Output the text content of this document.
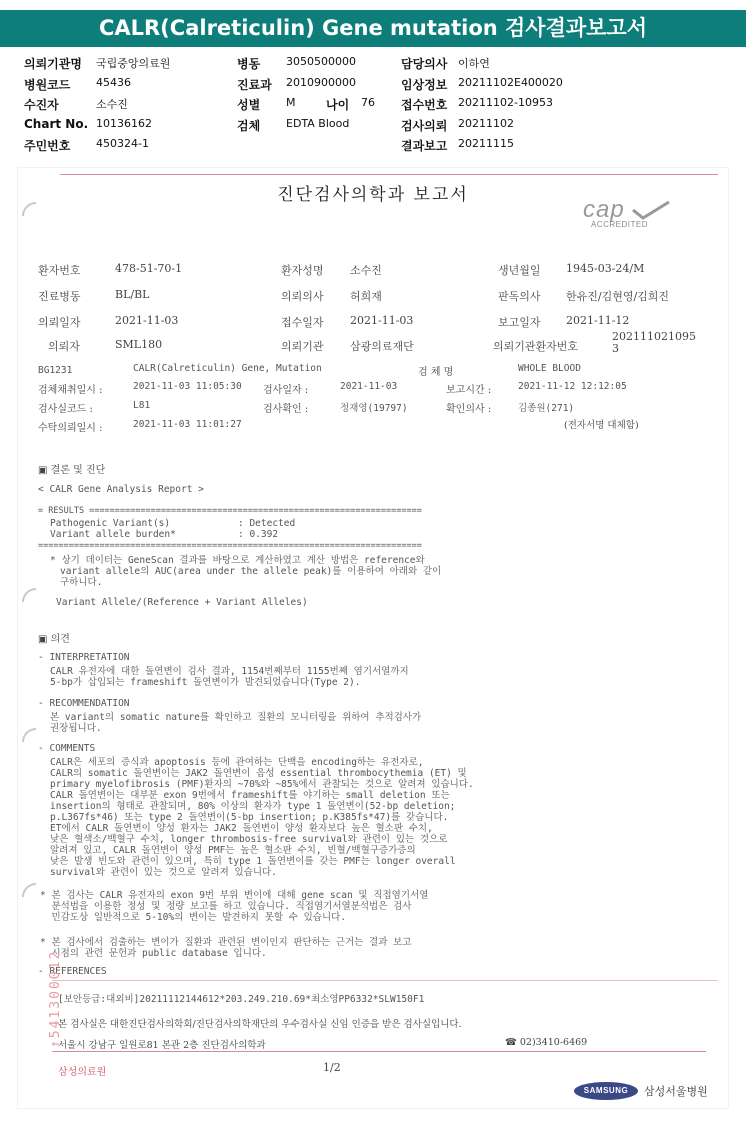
CALR(Calreticulin) Gene mutation 검사결과보고서
의뢰기관명 국립중앙의료원	병동 3050500000	담당의사 이하연
병원코드 45436	진료과 2010900000	임상정보 20211102E400020
수진자	소수진	성별 M	나이 76 접수번호 20211102-10953
Chart No. 10136162	검체 EDTA Blood	검사의뢰 20211102
주민번호 450324-1	결과보고 20211115
진단검사의학과 보고서
cap
ACCREDITED
환자번호	478-51-70-1	환자성명 소수진	생년월일 1945-03-24/M
진료병동	BL/BL	의뢰의사 허희재	판독의사 한유진/김현영/김희진
의뢰일자	2021-11-03	접수일자 2021-11-03	보고일자 2021-11-12
의뢰자	SML180	의뢰기관 삼광의료재단	의뢰기관환자번호
202111021095
3
BG1231	CALR(Calreticulin) Gene, Mutation	검 체 명	WHOLE BLOOD
검체채취일시 :	2021-11-03 11:05:30 검사일자 :	2021-11-03	보고시간 :	2021-11-12 12:12:05
검사실코드 :	L81	검사확인 :	정재영(19797)	확인의사 :	김종원(271)
수탁의뢰일시 :	2021-11-03 11:01:27	(전자서명 대체함)
▣ 결론 및 진단
< CALR Gene Analysis Report >
= RESULTS =================================================================
Pathogenic Variant(s)	: Detected
Variant allele burden*	: 0.392
===========================================================================
* 상기 데이터는 GeneScan 결과를 바탕으로 계산하였고 계산 방법은 reference와
variant allele의 AUC(area under the allele peak)를 이용하여 아래와 같이
구하니다.
Variant Allele/(Reference + Variant Alleles)
▣ 의견
- INTERPRETATION
CALR 유전자에 대한 돌연변이 검사 결과, 1154번째부터 1155번째 염기서열까지
5-bp가 삽입되는 frameshift 돌연변이가 발견되었습니다(Type 2).
- RECOMMENDATION
본 variant의 somatic nature를 확인하고 질환의 모니터링을 위하여 추적검사가
권장됩니다.
- COMMENTS
CALR은 세포의 증식과 apoptosis 등에 관여하는 단백을 encoding하는 유전자로,
CALR의 somatic 돌연변이는 JAK2 돌연변이 음성 essential thrombocythemia (ET) 및
primary myelofibrosis (PMF)환자의 ~70%와 ~85%에서 관찰되는 것으로 알려져 있습니다.
CALR 돌연변이는 대부분 exon 9번에서 frameshift를 야기하는 small deletion 또는
insertion의 형태로 관찰되며, 80% 이상의 환자가 type 1 돌연변이(52-bp deletion;
p.L367fs*46) 또는 type 2 돌연변이(5-bp insertion; p.K385fs*47)를 갖습니다.
ET에서 CALR 돌연변이 양성 환자는 JAK2 돌연변이 양성 환자보다 높은 혈소판 수치,
낮은 혈색소/백혈구 수치, longer thrombosis-free survival와 관련이 있는 것으로
알려져 있고, CALR 돌연변이 양성 PMF는 높은 혈소판 수치, 빈혈/백혈구증가증의
낮은 발생 빈도와 관련이 있으며, 특히 type 1 돌연변이를 갖는 PMF는 longer overall
survival와 관련이 있는 것으로 알려져 있습니다.
* 본 검사는 CALR 유전자의 exon 9번 부위 변이에 대해 gene scan 및 직접염기서열
분석법을 이용한 정성 및 정량 보고를 하고 있습니다. 직접염기서열분석법은 검사
민감도상 일반적으로 5-10%의 변이는 발견하지 못할 수 있습니다.
* 본 검사에서 검출하는 변이가 질환과 관련된 변이인지 판단하는 근거는 결과 보고
시점의 관련 문헌과 public database 입니다.
- REFERENCES
[보안등급:대외비]20211112144612*203.249.210.69*최소영PP6332*SLW150F1
본 검사실은 대한진단검사의학회/진단검사의학재단의 우수검사실 신임 인증을 받은 검사실입니다.
서울시 강남구 일원로81 본관 2층 진단검사의학과	☎ 02)3410-6469
↑541300012
삼성의료원	1/2
SAMSUNG	삼성서울병원
